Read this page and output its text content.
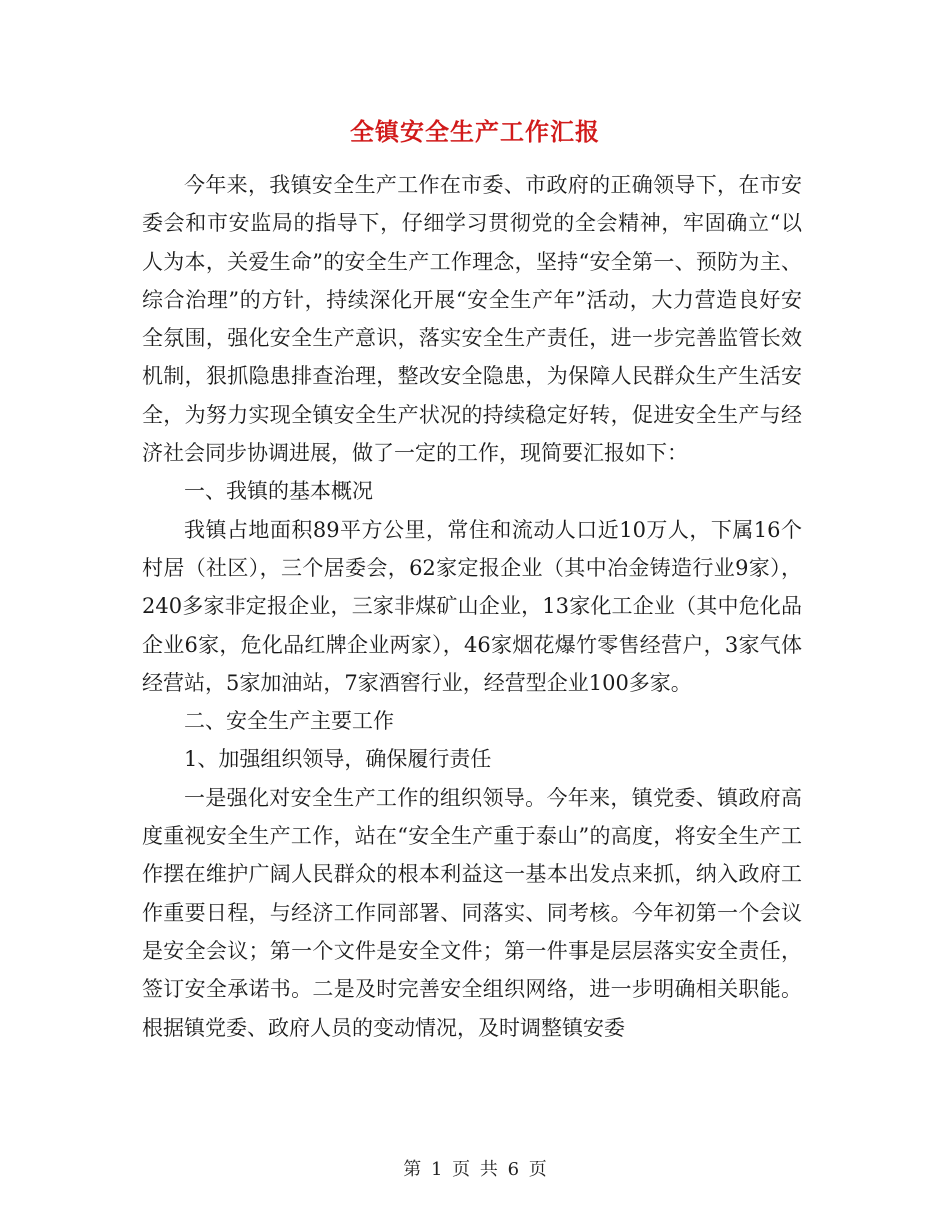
全镇安全生产工作汇报

今年来，我镇安全生产工作在市委、市政府的正确领导下，在市安委会和市安监局的指导下，仔细学习贯彻党的全会精神，牢固确立“以人为本，关爱生命”的安全生产工作理念，坚持“安全第一、预防为主、综合治理”的方针，持续深化开展“安全生产年”活动，大力营造良好安全氛围，强化安全生产意识，落实安全生产责任，进一步完善监管长效机制，狠抓隐患排查治理，整改安全隐患，为保障人民群众生产生活安全，为努力实现全镇安全生产状况的持续稳定好转，促进安全生产与经济社会同步协调进展，做了一定的工作，现简要汇报如下：

一、我镇的基本概况

我镇占地面积89平方公里，常住和流动人口近10万人，下属16个村居（社区），三个居委会，62家定报企业（其中冶金铸造行业9家），240多家非定报企业，三家非煤矿山企业，13家化工企业（其中危化品企业6家，危化品红牌企业两家），46家烟花爆竹零售经营户，3家气体经营站，5家加油站，7家酒窖行业，经营型企业100多家。

二、安全生产主要工作

1、加强组织领导，确保履行责任

一是强化对安全生产工作的组织领导。今年来，镇党委、镇政府高度重视安全生产工作，站在“安全生产重于泰山”的高度，将安全生产工作摆在维护广阔人民群众的根本利益这一基本出发点来抓，纳入政府工作重要日程，与经济工作同部署、同落实、同考核。今年初第一个会议是安全会议；第一个文件是安全文件；第一件事是层层落实安全责任，签订安全承诺书。二是及时完善安全组织网络，进一步明确相关职能。根据镇党委、政府人员的变动情况，及时调整镇安委

第 1 页 共 6 页
